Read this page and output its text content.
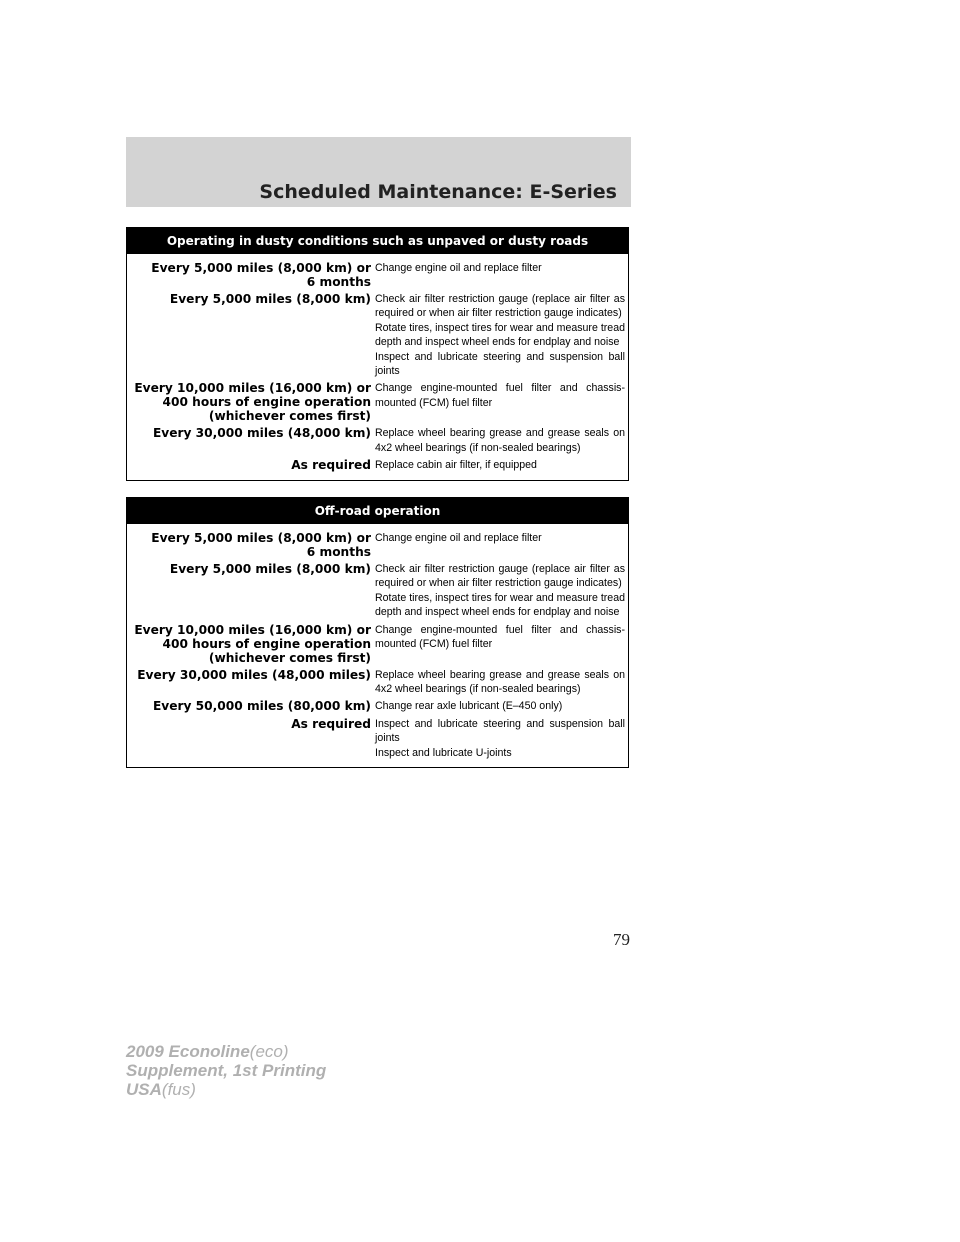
Scheduled Maintenance: E-Series
Operating in dusty conditions such as unpaved or dusty roads
Every 5,000 miles (8,000 km) or
6 months
Change engine oil and replace filter
Every 5,000 miles (8,000 km) Check air filter restriction gauge (replace air filter as required or when air filter restriction gauge indicates)
Rotate tires, inspect tires for wear and measure tread depth and inspect wheel ends for endplay and noise
Inspect and lubricate steering and suspension ball joints
Every 10,000 miles (16,000 km) or
400 hours of engine operation
(whichever comes first)
Change engine-mounted fuel filter and chassis-mounted (FCM) fuel filter
Every 30,000 miles (48,000 km) Replace wheel bearing grease and grease seals on 4x2 wheel bearings (if non-sealed bearings)
As required Replace cabin air filter, if equipped
Off-road operation
Every 5,000 miles (8,000 km) or
6 months
Change engine oil and replace filter
Every 5,000 miles (8,000 km) Check air filter restriction gauge (replace air filter as required or when air filter restriction gauge indicates)
Rotate tires, inspect tires for wear and measure tread depth and inspect wheel ends for endplay and noise
Every 10,000 miles (16,000 km) or
400 hours of engine operation
(whichever comes first)
Change engine-mounted fuel filter and chassis-mounted (FCM) fuel filter
Every 30,000 miles (48,000 miles) Replace wheel bearing grease and grease seals on 4x2 wheel bearings (if non-sealed bearings)
Every 50,000 miles (80,000 km) Change rear axle lubricant (E–450 only)
As required Inspect and lubricate steering and suspension ball joints
Inspect and lubricate U-joints
79
2009 Econoline(eco)
Supplement, 1st Printing
USA(fus)
